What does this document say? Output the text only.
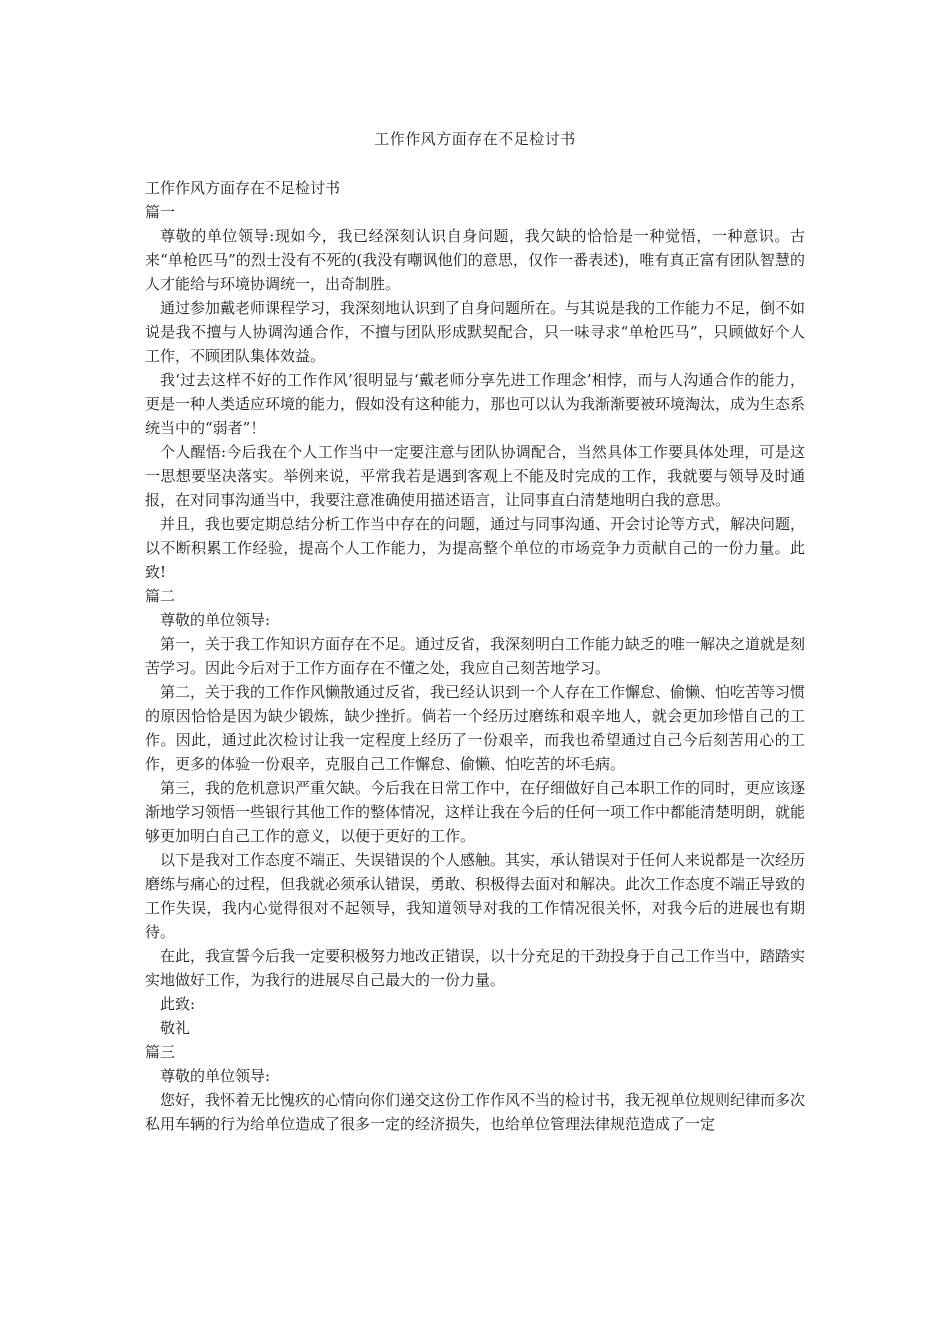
工作作风方面存在不足检讨书

工作作风方面存在不足检讨书

篇一

尊敬的单位领导:现如今，我已经深刻认识自身问题，我欠缺的恰恰是一种觉悟，一种意识。古来“单枪匹马”的烈士没有不死的(我没有嘲讽他们的意思，仅作一番表述)，唯有真正富有团队智慧的人才能给与环境协调统一，出奇制胜。

通过参加戴老师课程学习，我深刻地认识到了自身问题所在。与其说是我的工作能力不足，倒不如说是我不擅与人协调沟通合作，不擅与团队形成默契配合，只一味寻求“单枪匹马”，只顾做好个人工作，不顾团队集体效益。

我‘过去这样不好的工作作风’很明显与‘戴老师分享先进工作理念’相悖，而与人沟通合作的能力，更是一种人类适应环境的能力，假如没有这种能力，那也可以认为我渐渐要被环境淘汰，成为生态系统当中的“弱者”！

个人醒悟:今后我在个人工作当中一定要注意与团队协调配合，当然具体工作要具体处理，可是这一思想要坚决落实。举例来说，平常我若是遇到客观上不能及时完成的工作，我就要与领导及时通报，在对同事沟通当中，我要注意准确使用描述语言，让同事直白清楚地明白我的意思。

并且，我也要定期总结分析工作当中存在的问题，通过与同事沟通、开会讨论等方式，解决问题，以不断积累工作经验，提高个人工作能力，为提高整个单位的市场竞争力贡献自己的一份力量。此致!

篇二

尊敬的单位领导:

第一，关于我工作知识方面存在不足。通过反省，我深刻明白工作能力缺乏的唯一解决之道就是刻苦学习。因此今后对于工作方面存在不懂之处，我应自己刻苦地学习。

第二，关于我的工作作风懒散通过反省，我已经认识到一个人存在工作懈怠、偷懒、怕吃苦等习惯的原因恰恰是因为缺少锻炼，缺少挫折。倘若一个经历过磨练和艰辛地人，就会更加珍惜自己的工作。因此，通过此次检讨让我一定程度上经历了一份艰辛，而我也希望通过自己今后刻苦用心的工作，更多的体验一份艰辛，克服自己工作懈怠、偷懒、怕吃苦的坏毛病。

第三，我的危机意识严重欠缺。今后我在日常工作中，在仔细做好自己本职工作的同时，更应该逐渐地学习领悟一些银行其他工作的整体情况，这样让我在今后的任何一项工作中都能清楚明朗，就能够更加明白自己工作的意义，以便于更好的工作。

以下是我对工作态度不端正、失误错误的个人感触。其实，承认错误对于任何人来说都是一次经历磨练与痛心的过程，但我就必须承认错误，勇敢、积极得去面对和解决。此次工作态度不端正导致的工作失误，我内心觉得很对不起领导，我知道领导对我的工作情况很关怀，对我今后的进展也有期待。

在此，我宣誓今后我一定要积极努力地改正错误，以十分充足的干劲投身于自己工作当中，踏踏实实地做好工作，为我行的进展尽自己最大的一份力量。

此致:

敬礼

篇三

尊敬的单位领导:

您好，我怀着无比愧疚的心情向你们递交这份工作作风不当的检讨书，我无视单位规则纪律而多次私用车辆的行为给单位造成了很多一定的经济损失，也给单位管理法律规范造成了一定
